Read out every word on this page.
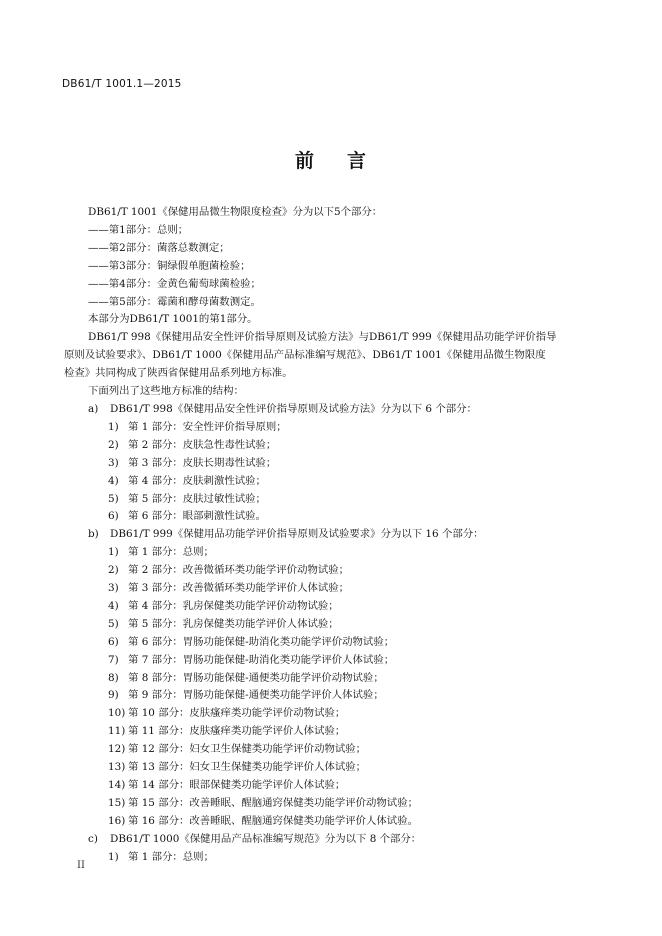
DB61/T 1001.1—2015
前 言
DB61/T 1001《保健用品微生物限度检查》分为以下5个部分：
——第1部分：总则；
——第2部分：菌落总数测定；
——第3部分：铜绿假单胞菌检验；
——第4部分：金黄色葡萄球菌检验；
——第5部分：霉菌和酵母菌数测定。
本部分为DB61/T 1001的第1部分。
DB61/T 998《保健用品安全性评价指导原则及试验方法》与DB61/T 999《保健用品功能学评价指导
原则及试验要求》、DB61/T 1000《保健用品产品标准编写规范》、DB61/T 1001《保健用品微生物限度
检查》共同构成了陕西省保健用品系列地方标准。
下面列出了这些地方标准的结构：
a) DB61/T 998《保健用品安全性评价指导原则及试验方法》分为以下 6 个部分：
1) 第 1 部分：安全性评价指导原则；
2) 第 2 部分：皮肤急性毒性试验；
3) 第 3 部分：皮肤长期毒性试验；
4) 第 4 部分：皮肤刺激性试验；
5) 第 5 部分：皮肤过敏性试验；
6) 第 6 部分：眼部刺激性试验。
b) DB61/T 999《保健用品功能学评价指导原则及试验要求》分为以下 16 个部分：
1) 第 1 部分：总则；
2) 第 2 部分：改善微循环类功能学评价动物试验；
3) 第 3 部分：改善微循环类功能学评价人体试验；
4) 第 4 部分：乳房保健类功能学评价动物试验；
5) 第 5 部分：乳房保健类功能学评价人体试验；
6) 第 6 部分：胃肠功能保健-助消化类功能学评价动物试验；
7) 第 7 部分：胃肠功能保健-助消化类功能学评价人体试验；
8) 第 8 部分：胃肠功能保健-通便类功能学评价动物试验；
9) 第 9 部分：胃肠功能保健-通便类功能学评价人体试验；
10) 第 10 部分：皮肤瘙痒类功能学评价动物试验；
11) 第 11 部分：皮肤瘙痒类功能学评价人体试验；
12) 第 12 部分：妇女卫生保健类功能学评价动物试验；
13) 第 13 部分：妇女卫生保健类功能学评价人体试验；
14) 第 14 部分：眼部保健类功能学评价人体试验；
15) 第 15 部分：改善睡眠、醒脑通窍保健类功能学评价动物试验；
16) 第 16 部分：改善睡眠、醒脑通窍保健类功能学评价人体试验。
c) DB61/T 1000《保健用品产品标准编写规范》分为以下 8 个部分：
1) 第 1 部分：总则；
II
